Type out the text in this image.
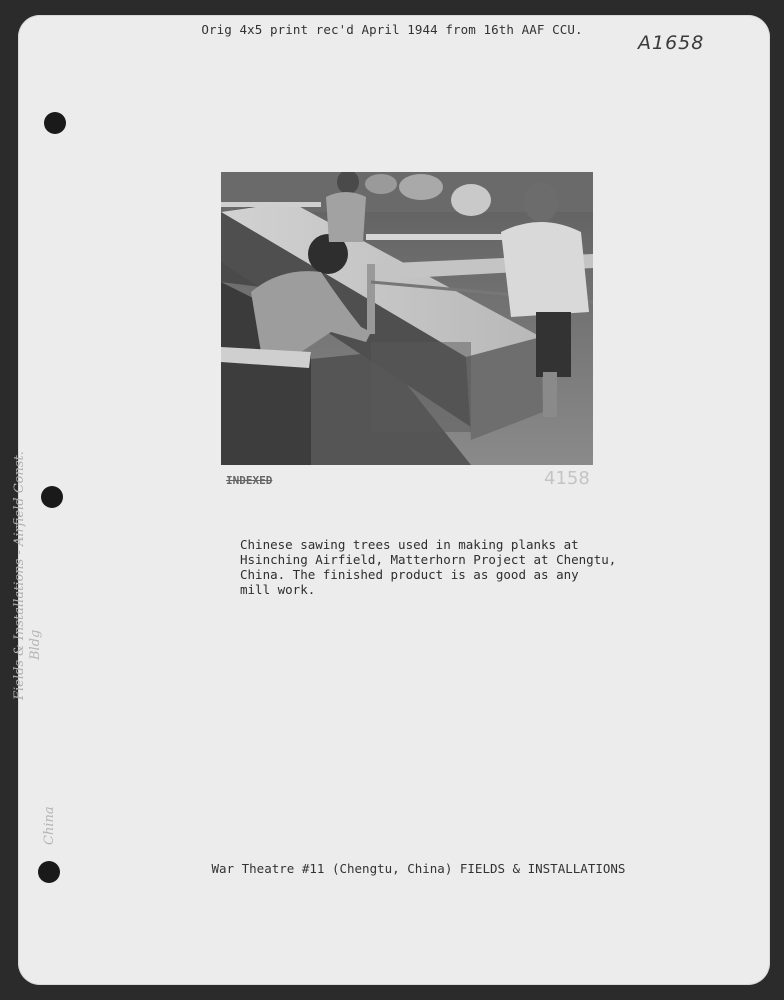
Orig 4x5 print rec'd April 1944 from 16th AAF CCU.
A1658
INDEXED	4158
Chinese sawing trees used in making planks at
Hsinching Airfield, Matterhorn Project at Chengtu,
China. The finished product is as good as any
mill work.
War Theatre #11 (Chengtu, China) FIELDS & INSTALLATIONS
Fields & Installations - Airfield Const. Bldg
China
